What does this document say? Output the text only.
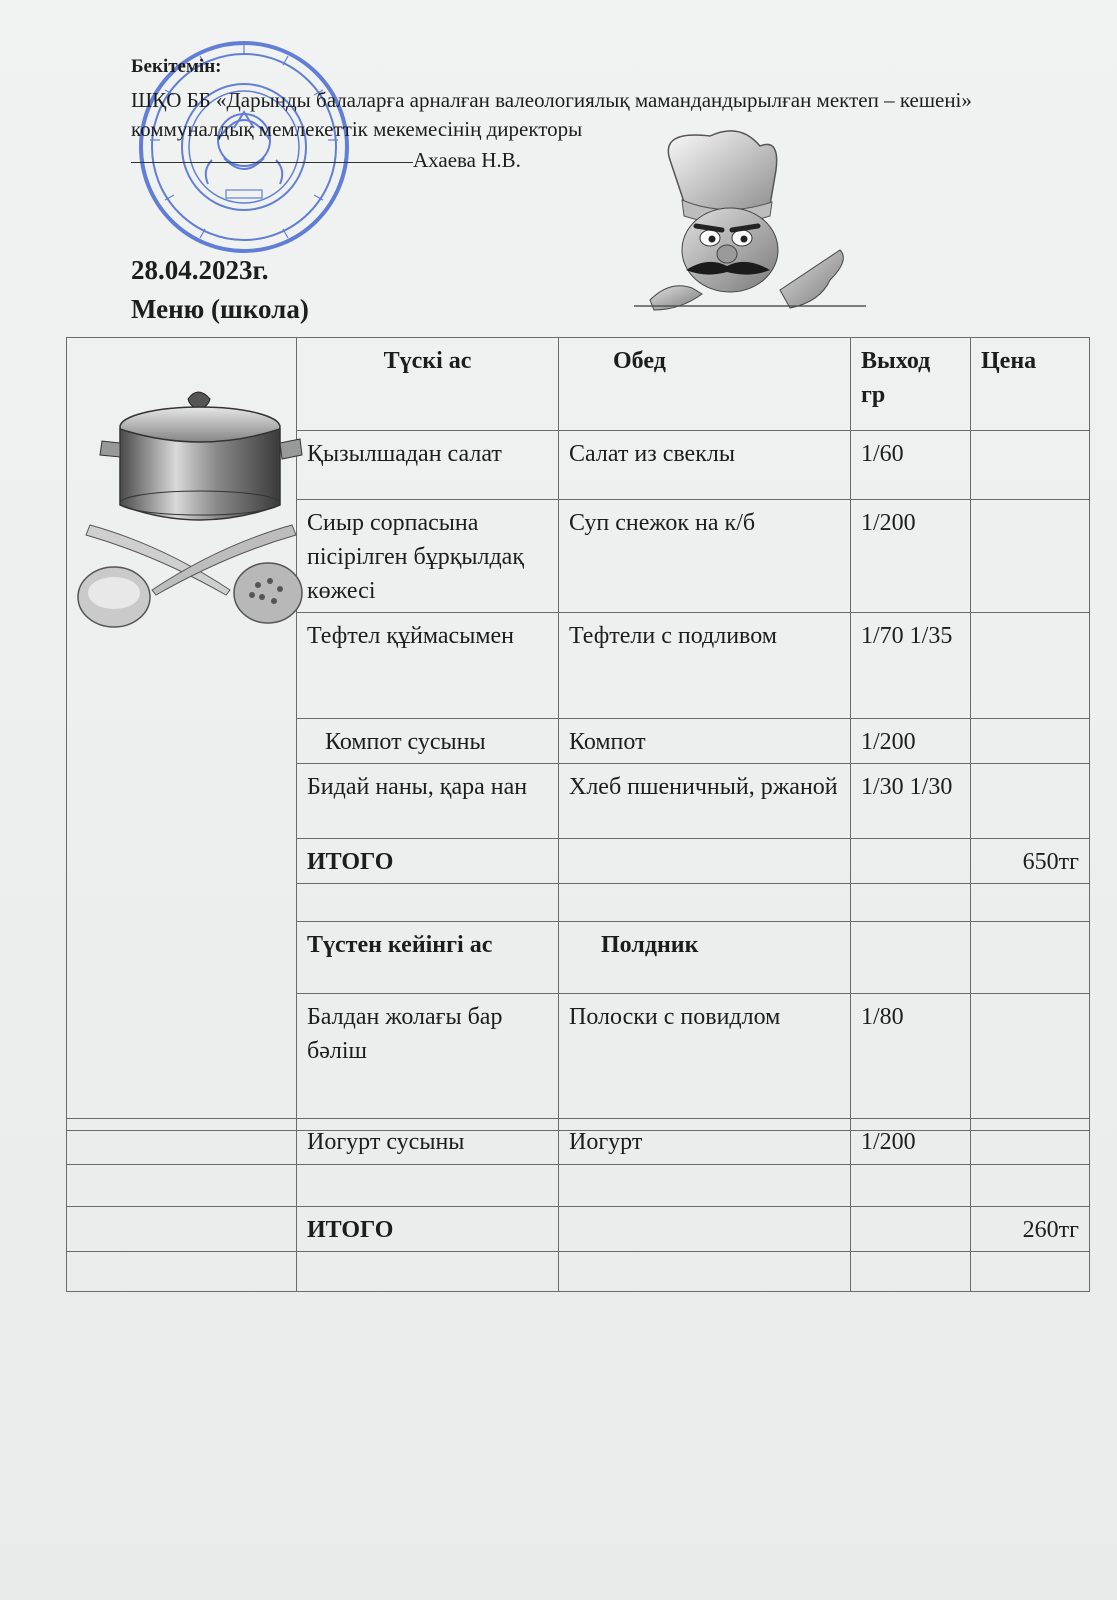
Бекітемін:
ШҚО ББ «Дарынды балаларға арналған валеологиялық мамандандырылған мектеп – кешені» коммуналдық мемлекеттік мекемесінің директоры
Ахаева Н.В.
28.04.2023г.
Меню (школа)
	Түскі ас	Обед	Выход гр	Цена
	Қызылшадан салат	Салат из свеклы	1/60	
	Сиыр сорпасына пісірілген бұрқылдақ көжесі	Суп снежок на к/б	1/200	
	Тефтел құймасымен	Тефтели с подливом	1/70 1/35	
	Компот сусыны	Компот	1/200	
	Бидай наны, қара нан	Хлеб пшеничный, ржаной	1/30 1/30	
	ИТОГО			650тг

	Түстен кейінгі ас	Полдник		
	Балдан жолағы бар бәліш	Полоски с повидлом	1/80	
	Иогурт сусыны	Иогурт	1/200	

	ИТОГО			260тг
